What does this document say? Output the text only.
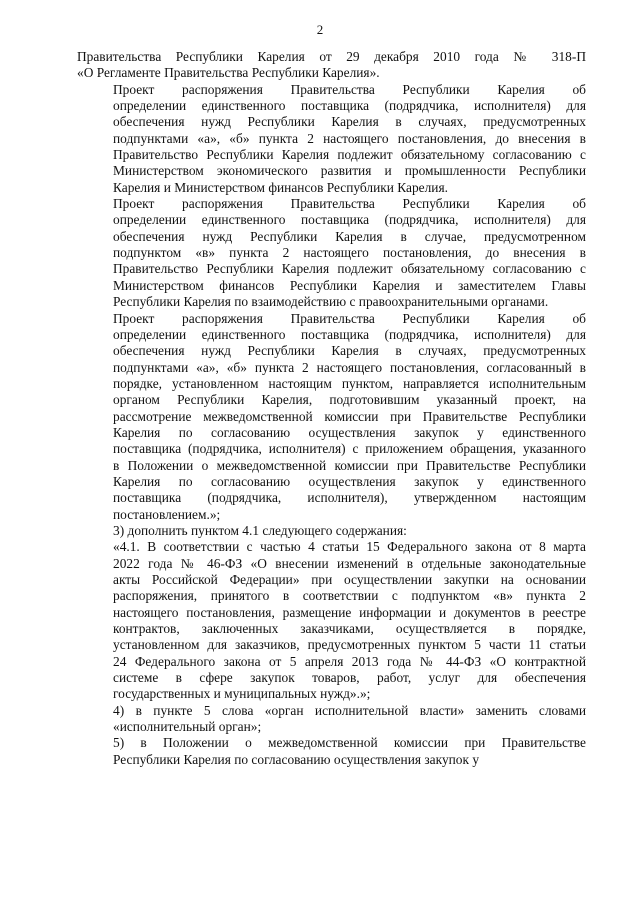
2
Правительства Республики Карелия от 29 декабря 2010 года № 318-П
«О Регламенте Правительства Республики Карелия».
Проект распоряжения Правительства Республики Карелия об
определении единственного поставщика (подрядчика, исполнителя) для
обеспечения нужд Республики Карелия в случаях, предусмотренных
подпунктами «а», «б» пункта 2 настоящего постановления, до внесения в
Правительство Республики Карелия подлежит обязательному согласованию с
Министерством экономического развития и промышленности Республики
Карелия и Министерством финансов Республики Карелия.
Проект распоряжения Правительства Республики Карелия об
определении единственного поставщика (подрядчика, исполнителя) для
обеспечения нужд Республики Карелия в случае, предусмотренном
подпунктом «в» пункта 2 настоящего постановления, до внесения в
Правительство Республики Карелия подлежит обязательному согласованию с
Министерством финансов Республики Карелия и заместителем Главы
Республики Карелия по взаимодействию с правоохранительными органами.
Проект распоряжения Правительства Республики Карелия об
определении единственного поставщика (подрядчика, исполнителя) для
обеспечения нужд Республики Карелия в случаях, предусмотренных
подпунктами «а», «б» пункта 2 настоящего постановления, согласованный в
порядке, установленном настоящим пунктом, направляется исполнительным
органом Республики Карелия, подготовившим указанный проект, на
рассмотрение межведомственной комиссии при Правительстве Республики
Карелия по согласованию осуществления закупок у единственного
поставщика (подрядчика, исполнителя) с приложением обращения, указанного
в Положении о межведомственной комиссии при Правительстве Республики
Карелия по согласованию осуществления закупок у единственного
поставщика (подрядчика, исполнителя), утвержденном настоящим
постановлением.»;
3) дополнить пунктом 4.1 следующего содержания:
«4.1. В соответствии с частью 4 статьи 15 Федерального закона от 8 марта
2022 года № 46-ФЗ «О внесении изменений в отдельные законодательные
акты Российской Федерации» при осуществлении закупки на основании
распоряжения, принятого в соответствии с подпунктом «в» пункта 2
настоящего постановления, размещение информации и документов в реестре
контрактов, заключенных заказчиками, осуществляется в порядке,
установленном для заказчиков, предусмотренных пунктом 5 части 11 статьи
24 Федерального закона от 5 апреля 2013 года № 44-ФЗ «О контрактной
системе в сфере закупок товаров, работ, услуг для обеспечения
государственных и муниципальных нужд».»;
4) в пункте 5 слова «орган исполнительной власти» заменить словами
«исполнительный орган»;
5) в Положении о межведомственной комиссии при Правительстве
Республики Карелия по согласованию осуществления закупок у
